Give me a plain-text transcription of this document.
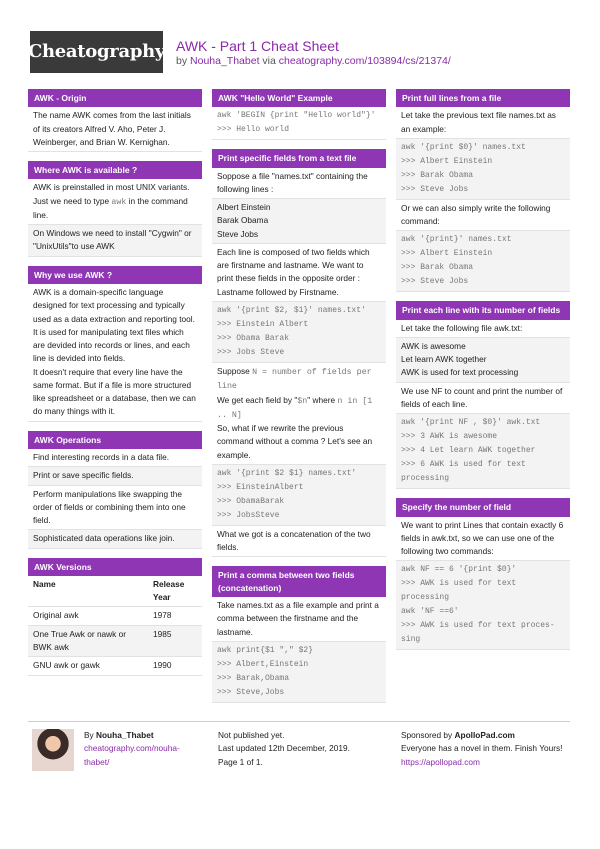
Cheatography AWK - Part 1 Cheat Sheet
by Nouha_Thabet via cheatography.com/103894/cs/21374/
AWK - Origin
The name AWK comes from the last initials of its creators Alfred V. Aho, Peter J. Weinberger, and Brian W. Kernighan.
Where AWK is available ?
AWK is preinstalled in most UNIX variants. Just we need to type awk in the command line.
On Windows we need to install "Cygwin" or "UnixUtils"to use AWK
Why we use AWK ?
AWK is a domain-specific language designed for text processing and typically used as a data extraction and reporting tool. It is used for manipulating text files which are devided into records or lines, and each line is devided into fields.
It doesn't require that every line have the same format. But if a file is more structured like spreadsheet or a database, then we can do many things with it.
AWK Operations
Find interesting records in a data file.
Print or save specific fields.
Perform manipulations like swapping the order of fields or combining them into one field.
Sophisticated data operations like join.
AWK Versions
Name	Release Year
Original awk	1978
One True Awk or nawk or BWK awk	1985
GNU awk or gawk	1990
AWK "Hello World" Example
awk 'BEGIN {print "Hello world"}'
>>> Hello world
Print specific fields from a text file
Soppose a file "names.txt" containing the following lines :
Albert Einstein
Barak Obama
Steve Jobs
Each line is composed of two fields which are firstname and lastname. We want to print these fields in the opposite order : Lastname followed by Firstname.
awk '{print $2, $1}' names.txt'
>>> Einstein Albert
>>> Obama Barak
>>> Jobs Steve
Suppose N = number of fields per line
We get each field by "$n" where n in [1 .. N]
So, what if we rewrite the previous command without a comma ? Let's see an example.
awk '{print $2 $1} names.txt'
>>> EinsteinAlbert
>>> ObamaBarak
>>> JobsSteve
What we got is a concatenation of the two fields.
Print a comma between two fields (concatenation)
Take names.txt as a file example and print a comma between the firstname and the lastname.
awk print{$1 "," $2}
>>> Albert,Einstein
>>> Barak,Obama
>>> Steve,Jobs
Print full lines from a file
Let take the previous text file names.txt as an example:
awk '{print $0}' names.txt
>>> Albert Einstein
>>> Barak Obama
>>> Steve Jobs
Or we can also simply write the following command:
awk '{print}' names.txt
>>> Albert Einstein
>>> Barak Obama
>>> Steve Jobs
Print each line with its number of fields
Let take the following file awk.txt:
AWK is awesome
Let learn AWK together
AWK is used for text processing
We use NF to count and print the number of fields of each line.
awk '{print NF , $0}' awk.txt
>>> 3 AWK is awesome
>>> 4 Let learn AWK together
>>> 6 AWK is used for text processing
Specify the number of field
We want to print Lines that contain exactly 6 fields in awk.txt, so we can use one of the following two commands:
awk NF == 6 '{print $0}'
>>> AWK is used for text processing
awk 'NF ==6'
>>> AWK is used for text proces-sing
By Nouha_Thabet
cheatography.com/nouha-thabet/
Not published yet.
Last updated 12th December, 2019.
Page 1 of 1.
Sponsored by ApolloPad.com
Everyone has a novel in them. Finish Yours!
https://apollopad.com
